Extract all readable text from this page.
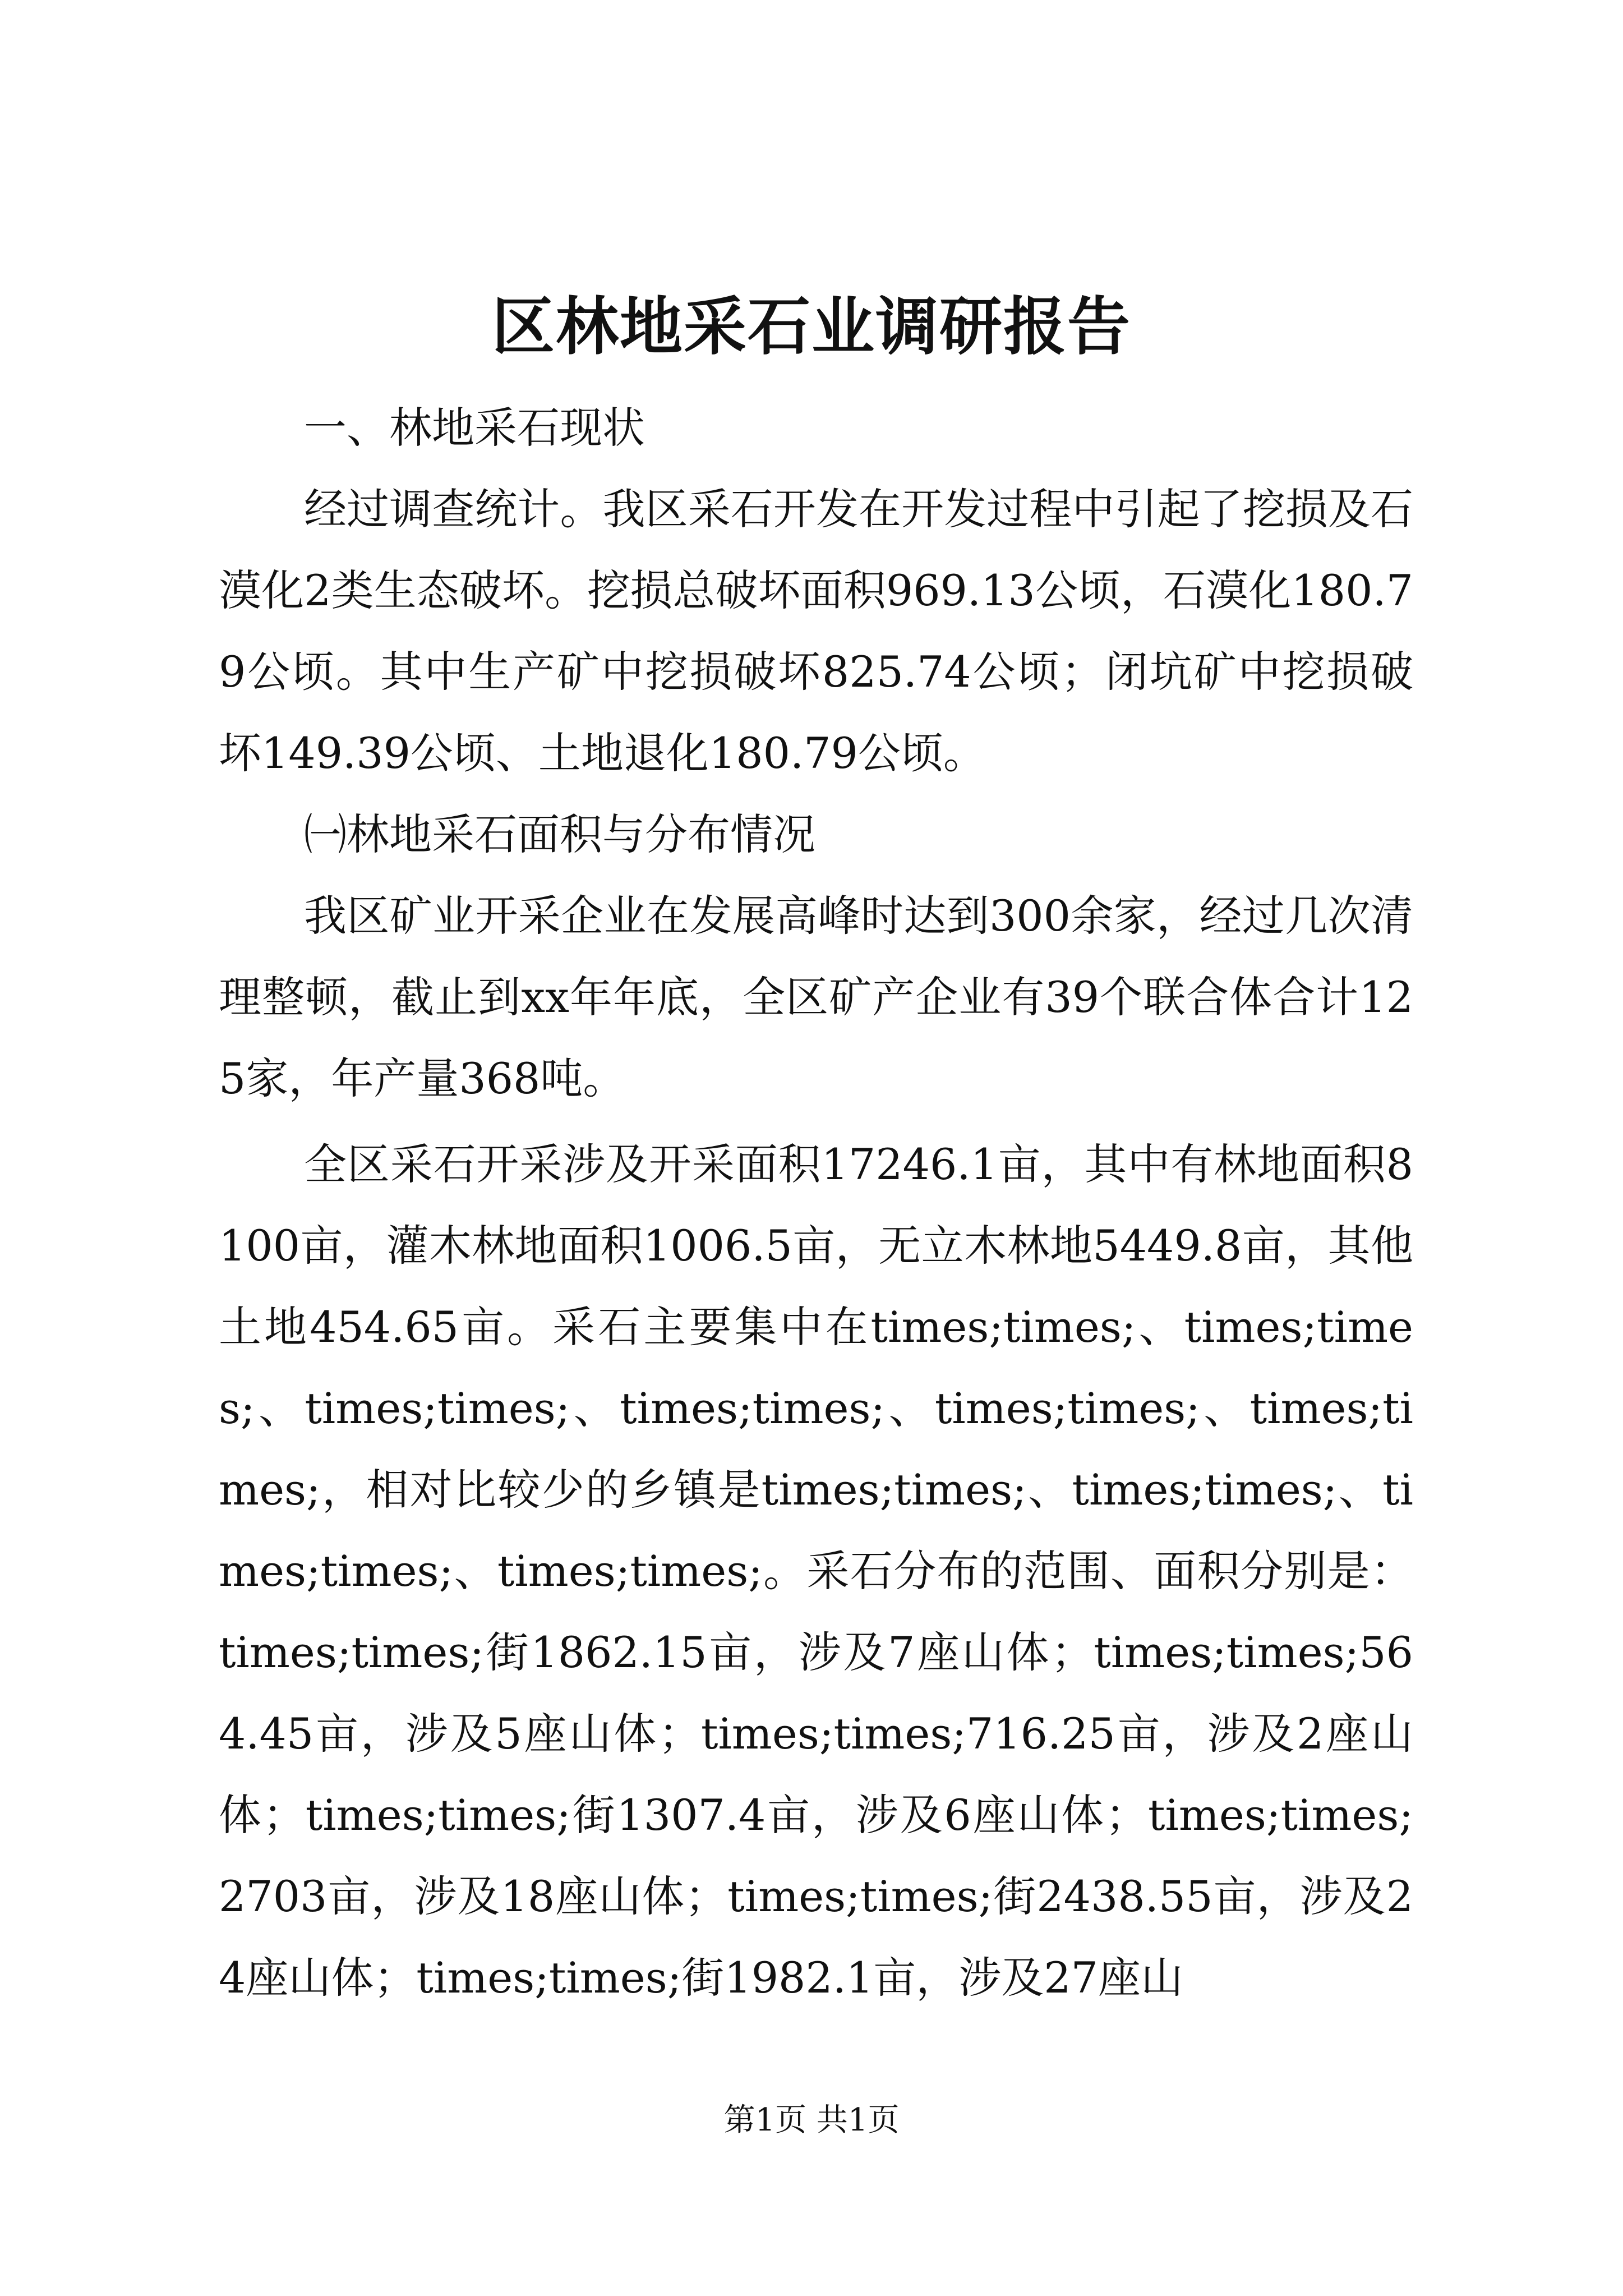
区林地采石业调研报告

一、林地采石现状

经过调查统计。我区采石开发在开发过程中引起了挖损及石漠化2类生态破坏。挖损总破坏面积969.13公顷，石漠化180.79公顷。其中生产矿中挖损破坏825.74公顷；闭坑矿中挖损破坏149.39公顷、土地退化180.79公顷。

㈠林地采石面积与分布情况

我区矿业开采企业在发展高峰时达到300余家，经过几次清理整顿，截止到xx年年底，全区矿产企业有39个联合体合计125家，年产量368吨。

全区采石开采涉及开采面积17246.1亩，其中有林地面积8100亩，灌木林地面积1006.5亩，无立木林地5449.8亩，其他土地454.65亩。采石主要集中在times;times;、times;times;、times;times;、times;times;、times;times;、times;times;，相对比较少的乡镇是times;times;、times;times;、times;times;、times;times;。采石分布的范围、面积分别是：times;times;街1862.15亩，涉及7座山体；times;times;564.45亩，涉及5座山体；times;times;716.25亩，涉及2座山体；times;times;街1307.4亩，涉及6座山体；times;times;2703亩，涉及18座山体；times;times;街2438.55亩，涉及24座山体；times;times;街1982.1亩，涉及27座山

第1页 共1页
